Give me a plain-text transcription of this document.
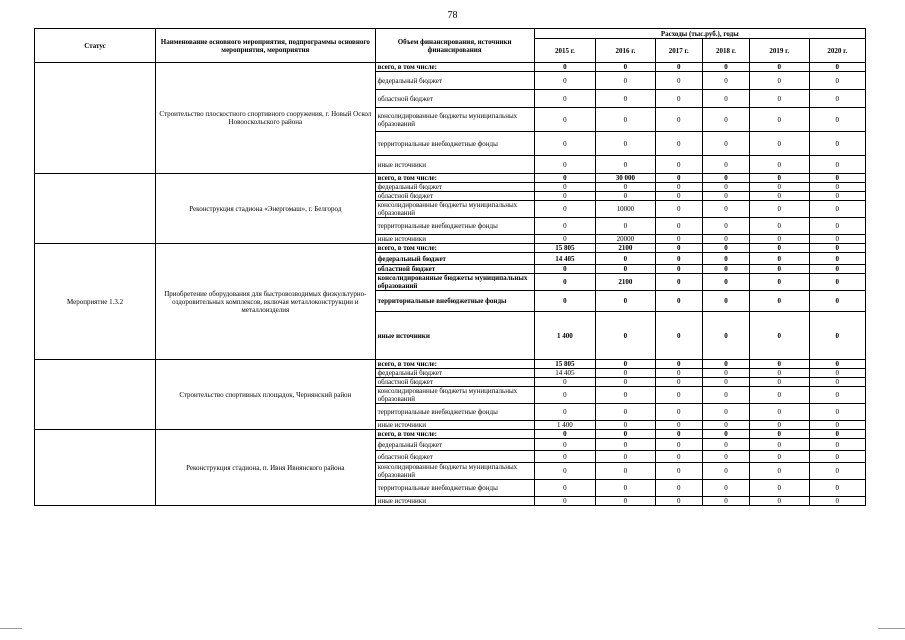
78
Статус	Наименование основного мероприятия, подпрограммы основного мероприятия, мероприятия	Объем финансирования, источники финансирования	Расходы (тыс.руб.), годы					
			2015 г.	2016 г.	2017 г.	2018 г.	2019 г.	2020 г.
	Строительство плоскостного спортивного сооружения, г. Новый Оскол Новооскольского района	всего, в том числе:	0	0	0	0	0	0
		федеральный бюджет	0	0	0	0	0	0
		областной бюджет	0	0	0	0	0	0
		консолидированные бюджеты муниципальных образований	0	0	0	0	0	0
		территориальные внебюджетные фонды	0	0	0	0	0	0
		иные источники	0	0	0	0	0	0
	Реконструкция стадиона «Энергомаш», г. Белгород	всего, в том числе:	0	30 000	0	0	0	0
		федеральный бюджет	0	0	0	0	0	0
		областной бюджет	0	0	0	0	0	0
		консолидированные бюджеты муниципальных образований	0	10000	0	0	0	0
		территориальные внебюджетные фонды	0	0	0	0	0	0
		иные источники	0	20000	0	0	0	0
Мероприятие 1.3.2	Приобретение оборудования для быстровозводимых физкультурно-оздоровительных комплексов, включая металлоконструкции и металлоизделия	всего, в том числе:	15 805	2100	0	0	0	0
		федеральный бюджет	14 405	0	0	0	0	0
		областной бюджет	0	0	0	0	0	0
		консолидированные бюджеты муниципальных образований	0	2100	0	0	0	0
		территориальные внебюджетные фонды	0	0	0	0	0	0
		иные источники	1 400	0	0	0	0	0
	Строительство спортивных площадок, Чернянский район	всего, в том числе:	15 805	0	0	0	0	0
		федеральный бюджет	14 405	0	0	0	0	0
		областной бюджет	0	0	0	0	0	0
		консолидированные бюджеты муниципальных образований	0	0	0	0	0	0
		территориальные внебюджетные фонды	0	0	0	0	0	0
		иные источники	1 400	0	0	0	0	0
	Реконструкция стадиона, п. Ивня Ивнянского района	всего, в том числе:	0	0	0	0	0	0
		федеральный бюджет	0	0	0	0	0	0
		областной бюджет	0	0	0	0	0	0
		консолидированные бюджеты муниципальных образований	0	0	0	0	0	0
		территориальные внебюджетные фонды	0	0	0	0	0	0
		иные источники	0	0	0	0	0	0
